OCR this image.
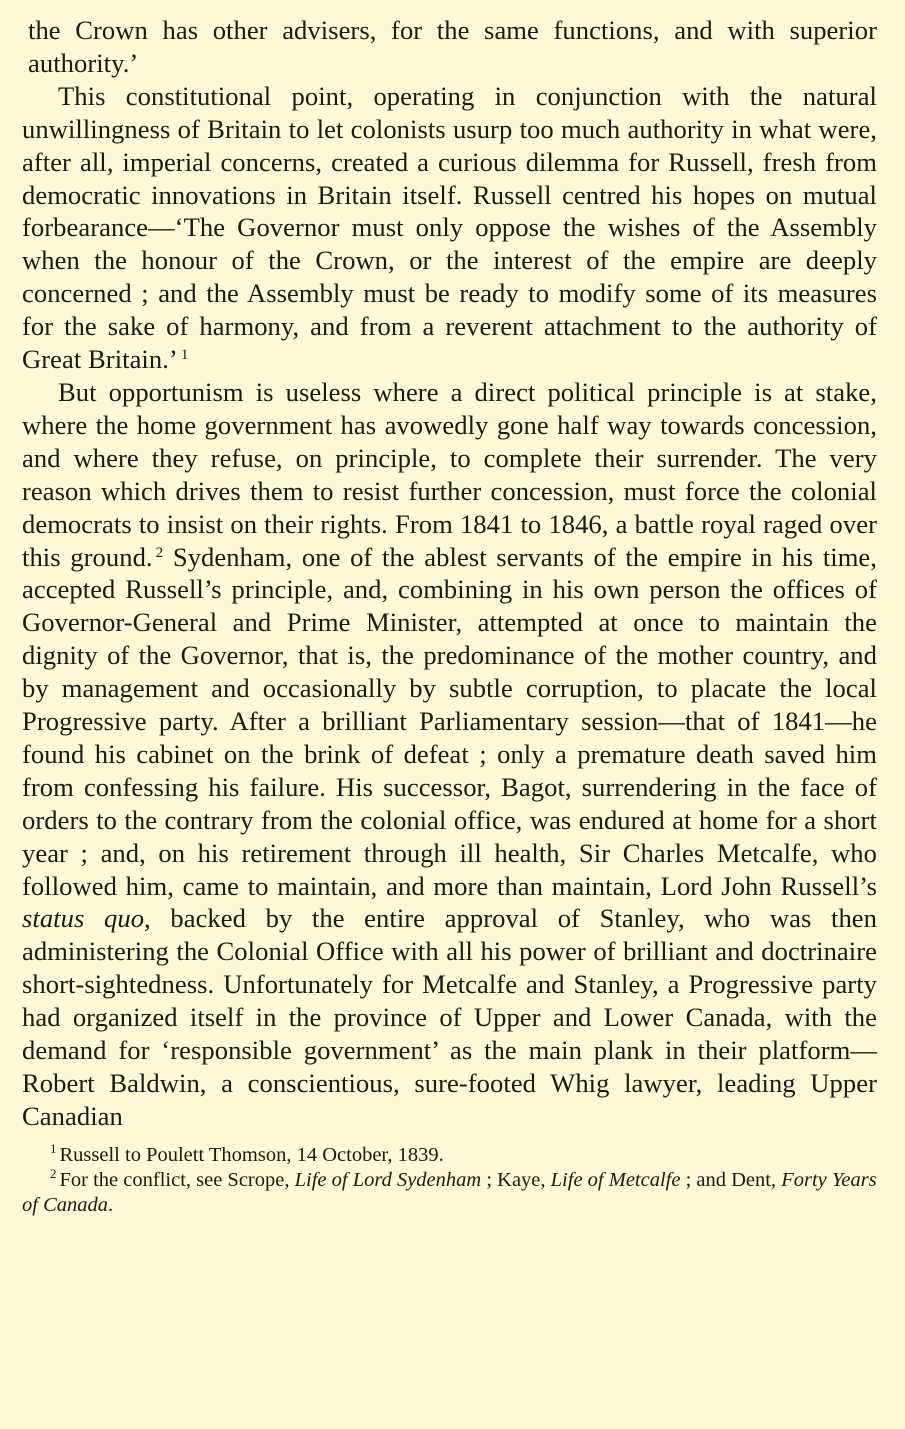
the Crown has other advisers, for the same functions, and with superior authority.’

This constitutional point, operating in conjunction with the natural unwillingness of Britain to let colonists usurp too much authority in what were, after all, imperial concerns, created a curious dilemma for Russell, fresh from democratic innovations in Britain itself. Russell centred his hopes on mutual forbearance—‘The Governor must only oppose the wishes of the Assembly when the honour of the Crown, or the interest of the empire are deeply concerned ; and the Assembly must be ready to modify some of its measures for the sake of harmony, and from a reverent attachment to the authority of Great Britain.’ $^1$

But opportunism is useless where a direct political principle is at stake, where the home government has avowedly gone half way towards concession, and where they refuse, on principle, to complete their surrender. The very reason which drives them to resist further concession, must force the colonial democrats to insist on their rights. From 1841 to 1846, a battle royal raged over this ground. $^2$ Sydenham, one of the ablest servants of the empire in his time, accepted Russell’s principle, and, combining in his own person the offices of Governor-General and Prime Minister, attempted at once to maintain the dignity of the Governor, that is, the predominance of the mother country, and by management and occasionally by subtle corruption, to placate the local Progressive party. After a brilliant Parliamentary session—that of 1841—he found his cabinet on the brink of defeat ; only a premature death saved him from confessing his failure. His successor, Bagot, surrendering in the face of orders to the contrary from the colonial office, was endured at home for a short year ; and, on his retirement through ill health, Sir Charles Metcalfe, who followed him, came to maintain, and more than maintain, Lord John Russell’s status quo, backed by the entire approval of Stanley, who was then administering the Colonial Office with all his power of brilliant and doctrinaire short-sightedness. Unfortunately for Metcalfe and Stanley, a Progressive party had organized itself in the province of Upper and Lower Canada, with the demand for ‘responsible government’ as the main plank in their platform—Robert Baldwin, a conscientious, sure-footed Whig lawyer, leading Upper Canadian

$^1$ Russell to Poulett Thomson, 14 October, 1839.

$^2$ For the conflict, see Scrope, Life of Lord Sydenham ; Kaye, Life of Metcalfe ; and Dent, Forty Years of Canada.
